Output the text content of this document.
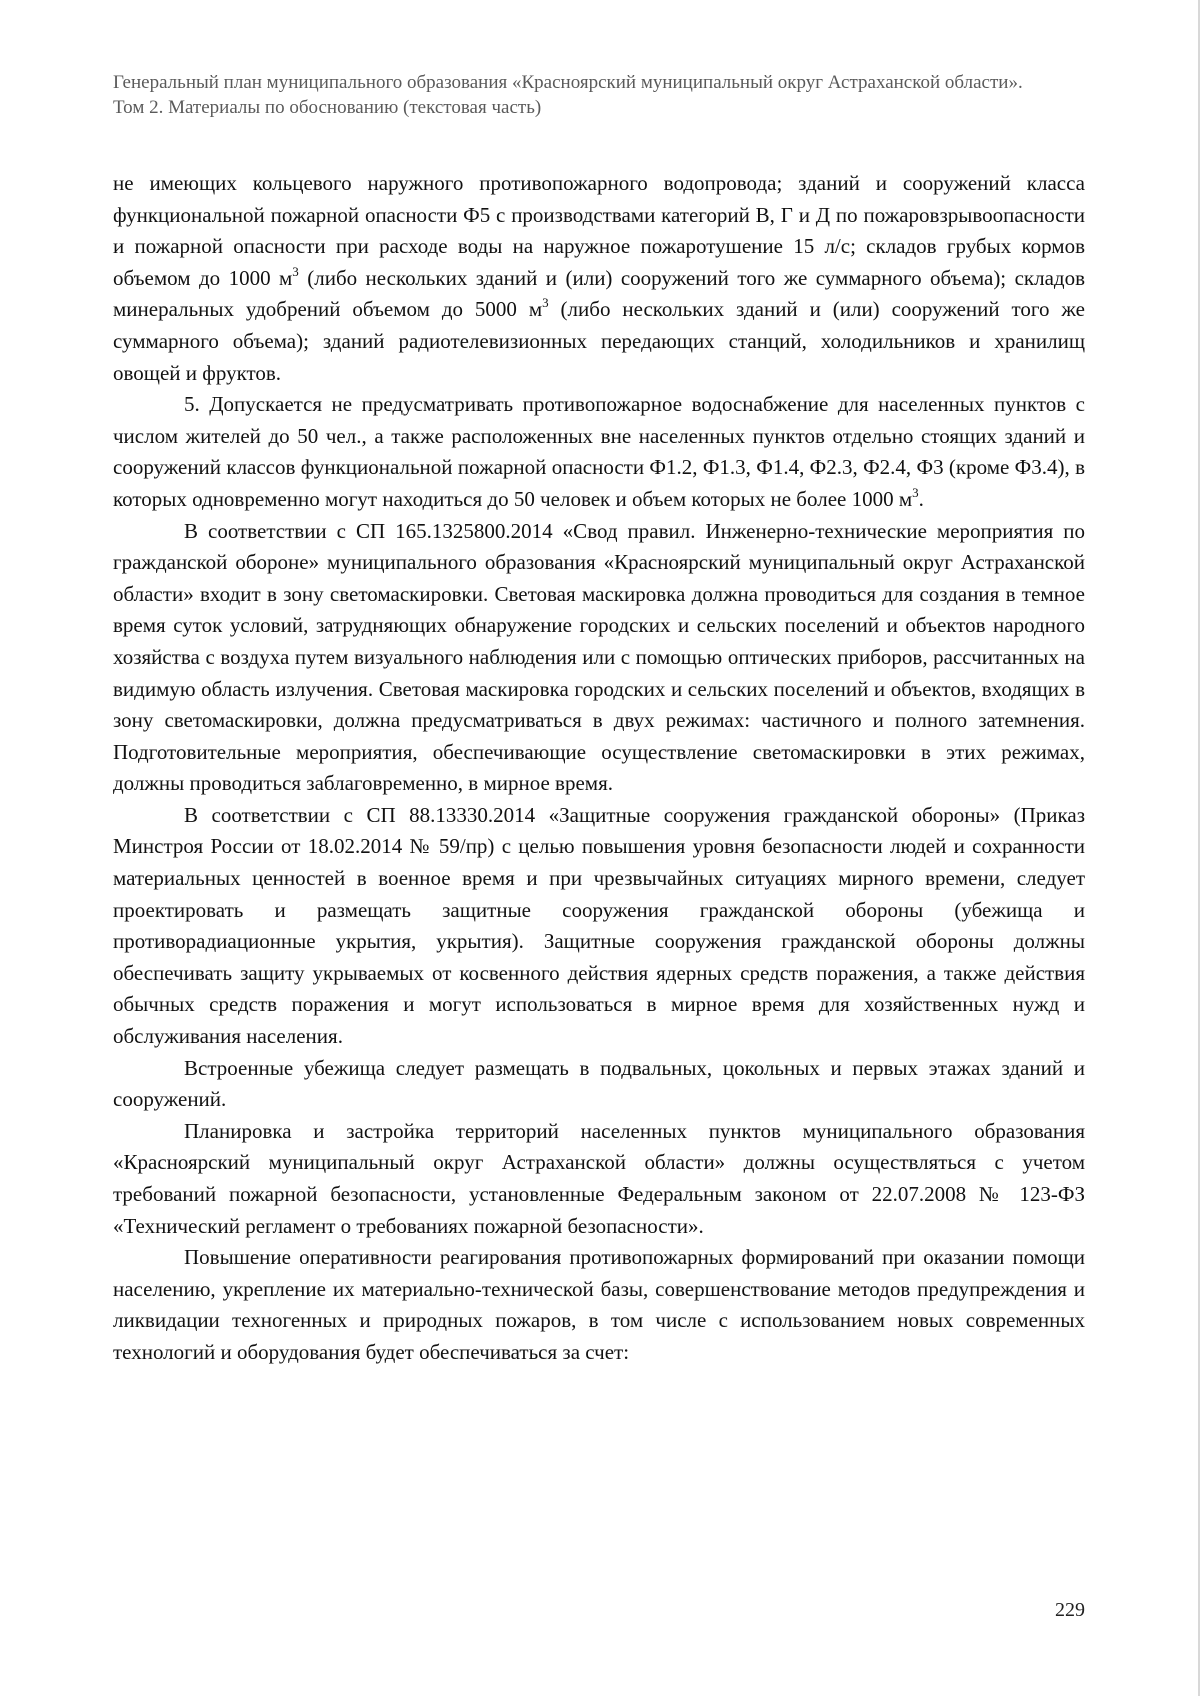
Генеральный план муниципального образования «Красноярский муниципальный округ Астраханской области».
Том 2. Материалы по обоснованию (текстовая часть)

не имеющих кольцевого наружного противопожарного водопровода; зданий и сооружений класса функциональной пожарной опасности Ф5 с производствами категорий В, Г и Д по пожаровзрывоопасности и пожарной опасности при расходе воды на наружное пожаротушение 15 л/с; складов грубых кормов объемом до 1000 $м^3$ (либо нескольких зданий и (или) сооружений того же суммарного объема); складов минеральных удобрений объемом до 5000 $м^3$ (либо нескольких зданий и (или) сооружений того же суммарного объема); зданий радиотелевизионных передающих станций, холодильников и хранилищ овощей и фруктов.

5. Допускается не предусматривать противопожарное водоснабжение для населенных пунктов с числом жителей до 50 чел., а также расположенных вне населенных пунктов отдельно стоящих зданий и сооружений классов функциональной пожарной опасности Ф1.2, Ф1.3, Ф1.4, Ф2.3, Ф2.4, Ф3 (кроме Ф3.4), в которых одновременно могут находиться до 50 человек и объем которых не более 1000 $м^3$.

В соответствии с СП 165.1325800.2014 «Свод правил. Инженерно-технические мероприятия по гражданской обороне» муниципального образования «Красноярский муниципальный округ Астраханской области» входит в зону светомаскировки. Световая маскировка должна проводиться для создания в темное время суток условий, затрудняющих обнаружение городских и сельских поселений и объектов народного хозяйства с воздуха путем визуального наблюдения или с помощью оптических приборов, рассчитанных на видимую область излучения. Световая маскировка городских и сельских поселений и объектов, входящих в зону светомаскировки, должна предусматриваться в двух режимах: частичного и полного затемнения. Подготовительные мероприятия, обеспечивающие осуществление светомаскировки в этих режимах, должны проводиться заблаговременно, в мирное время.

В соответствии с СП 88.13330.2014 «Защитные сооружения гражданской обороны» (Приказ Минстроя России от 18.02.2014 № 59/пр) с целью повышения уровня безопасности людей и сохранности материальных ценностей в военное время и при чрезвычайных ситуациях мирного времени, следует проектировать и размещать защитные сооружения гражданской обороны (убежища и противорадиационные укрытия, укрытия). Защитные сооружения гражданской обороны должны обеспечивать защиту укрываемых от косвенного действия ядерных средств поражения, а также действия обычных средств поражения и могут использоваться в мирное время для хозяйственных нужд и обслуживания населения.

Встроенные убежища следует размещать в подвальных, цокольных и первых этажах зданий и сооружений.

Планировка и застройка территорий населенных пунктов муниципального образования «Красноярский муниципальный округ Астраханской области» должны осуществляться с учетом требований пожарной безопасности, установленные Федеральным законом от 22.07.2008 № 123-ФЗ «Технический регламент о требованиях пожарной безопасности».

Повышение оперативности реагирования противопожарных формирований при оказании помощи населению, укрепление их материально-технической базы, совершенствование методов предупреждения и ликвидации техногенных и природных пожаров, в том числе с использованием новых современных технологий и оборудования будет обеспечиваться за счет:

229
